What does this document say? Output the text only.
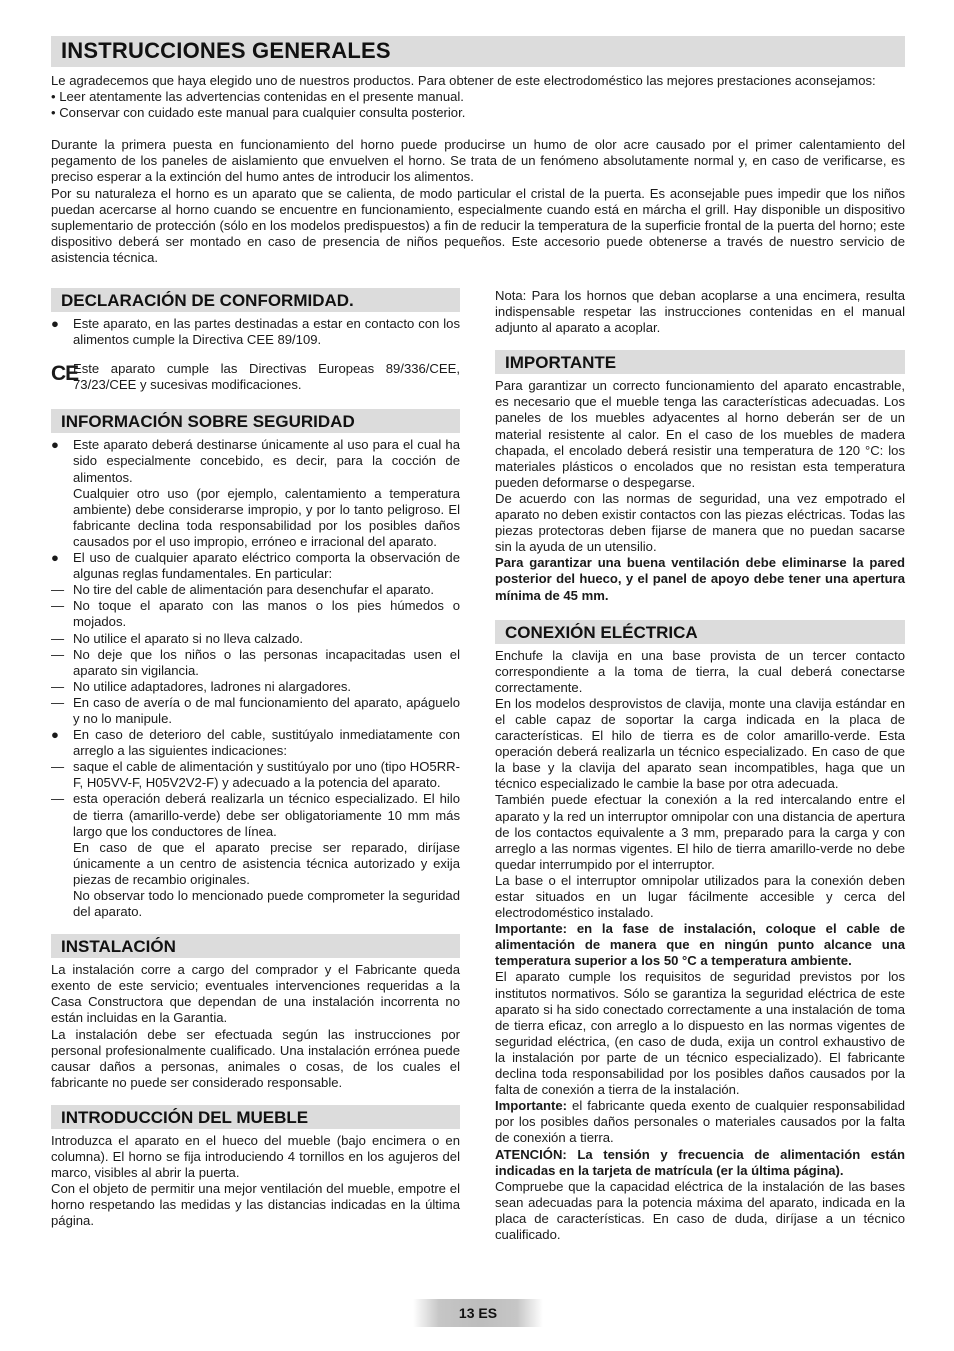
INSTRUCCIONES GENERALES

Le agradecemos que haya elegido uno de nuestros productos. Para obtener de este electrodoméstico las mejores prestaciones aconsejamos:

• Leer atentamente las advertencias contenidas en el presente manual.

• Conservar con cuidado este manual para cualquier consulta posterior.

Durante la primera puesta en funcionamiento del horno puede producirse un humo de olor acre causado por el primer calentamiento del pegamento de los paneles de aislamiento que envuelven el horno. Se trata de un fenómeno absolutamente normal y, en caso de verificarse, es preciso esperar a la extinción del humo antes de introducir los alimentos.

Por su naturaleza el horno es un aparato que se calienta, de modo particular el cristal de la puerta. Es aconsejable pues impedir que los niños puedan acercarse al horno cuando se encuentre en funcionamiento, especialmente cuando está en márcha el grill. Hay disponible un dispositivo suplementario de protección (sólo en los modelos predispuestos) a fin de reducir la temperatura de la superficie frontal de la puerta del horno; este dispositivo deberá ser montado en caso de presencia de niños pequeños. Este accesorio puede obtenerse a través de nuestro servicio de asistencia técnica.

DECLARACIÓN DE CONFORMIDAD.
●	Este aparato, en las partes destinadas a estar en contacto con los alimentos cumple la Directiva CEE 89/109.
CE
Este aparato cumple las Directivas Europeas 89/336/CEE, 73/23/CEE y sucesivas modificaciones.
INFORMACIÓN SOBRE SEGURIDAD
●	Este aparato deberá destinarse únicamente al uso para el cual ha sido especialmente concebido, es decir, para la cocción de alimentos.
Cualquier otro uso (por ejemplo, calentamiento a temperatura ambiente) debe considerarse impropio, y por lo tanto peligroso. El fabricante declina toda responsabilidad por los posibles daños causados por el uso impropio, erróneo e irracional del aparato.
●	El uso de cualquier aparato eléctrico comporta la observación de algunas reglas fundamentales. En particular:
— No tire del cable de alimentación para desenchufar el aparato.
— No toque el aparato con las manos o los pies húmedos o mojados.
— No utilice el aparato si no lleva calzado.
— No deje que los niños o las personas incapacitadas usen el aparato sin vigilancia.
— No utilice adaptadores, ladrones ni alargadores.
— En caso de avería o de mal funcionamiento del aparato, apáguelo y no lo manipule.
●	En caso de deterioro del cable, sustitúyalo inmediatamente con arreglo a las siguientes indicaciones:
— saque el cable de alimentación y sustitúyalo por uno (tipo HO5RR-F, H05VV-F, H05V2V2-F) y adecuado a la potencia del aparato.
— esta operación deberá realizarla un técnico especializado. El hilo de tierra (amarillo-verde) debe ser obligatoriamente 10 mm más largo que los conductores de línea.
En caso de que el aparato precise ser reparado, diríjase únicamente a un centro de asistencia técnica autorizado y exija piezas de recambio originales.
No observar todo lo mencionado puede comprometer la seguridad del aparato.
INSTALACIÓN

La instalación corre a cargo del comprador y el Fabricante queda exento de este servicio; eventuales intervenciones requeridas a la Casa Constructora que dependan de una instalación incorrenta no están incluidas en la Garantia.

La instalación debe ser efectuada según las instrucciones por personal profesionalmente cualificado. Una instalación errónea puede causar daños a personas, animales o cosas, de los cuales el fabricante no puede ser considerado responsable.

INTRODUCCIÓN DEL MUEBLE

Introduzca el aparato en el hueco del mueble (bajo encimera o en columna). El horno se fija introduciendo 4 tornillos en los agujeros del marco, visibles al abrir la puerta.

Con el objeto de permitir una mejor ventilación del mueble, empotre el horno respetando las medidas y las distancias indicadas en la última página.

Nota: Para los hornos que deban acoplarse a una encimera, resulta indispensable respetar las instrucciones contenidas en el manual adjunto al aparato a acoplar.
IMPORTANTE

Para garantizar un correcto funcionamiento del aparato encastrable, es necesario que el mueble tenga las características adecuadas. Los paneles de los muebles adyacentes al horno deberán ser de un material resistente al calor. En el caso de los muebles de madera chapada, el encolado deberá resistir una temperatura de 120 °C: los materiales plásticos o encolados que no resistan esta temperatura pueden deformarse o despegarse.

De acuerdo con las normas de seguridad, una vez empotrado el aparato no deben existir contactos con las piezas eléctricas. Todas las piezas protectoras deben fijarse de manera que no puedan sacarse sin la ayuda de un utensilio.

Para garantizar una buena ventilación debe eliminarse la pared posterior del hueco, y el panel de apoyo debe tener una apertura mínima de 45 mm.

CONEXIÓN ELÉCTRICA

Enchufe la clavija en una base provista de un tercer contacto correspondiente a la toma de tierra, la cual deberá conectarse correctamente.

En los modelos desprovistos de clavija, monte una clavija estándar en el cable capaz de soportar la carga indicada en la placa de características. El hilo de tierra es de color amarillo-verde. Esta operación deberá realizarla un técnico especializado. En caso de que la base y la clavija del aparato sean incompatibles, haga que un técnico especializado le cambie la base por otra adecuada.

También puede efectuar la conexión a la red intercalando entre el aparato y la red un interruptor omnipolar con una distancia de apertura de los contactos equivalente a 3 mm, preparado para la carga y con arreglo a las normas vigentes. El hilo de tierra amarillo-verde no debe quedar interrumpido por el interruptor.

La base o el interruptor omnipolar utilizados para la conexión deben estar situados en un lugar fácilmente accesible y cerca del electrodoméstico instalado.

Importante: en la fase de instalación, coloque el cable de alimentación de manera que en ningún punto alcance una temperatura superior a los 50 °C a temperatura ambiente.

El aparato cumple los requisitos de seguridad previstos por los institutos normativos. Sólo se garantiza la seguridad eléctrica de este aparato si ha sido conectado correctamente a una instalación de toma de tierra eficaz, con arreglo a lo dispuesto en las normas vigentes de seguridad eléctrica, (en caso de duda, exija un control exhaustivo de la instalación por parte de un técnico especializado). El fabricante declina toda responsabilidad por los posibles daños causados por la falta de conexión a tierra de la instalación.

Importante: el fabricante queda exento de cualquier responsabilidad por los posibles daños personales o materiales causados por la falta de conexión a tierra.

ATENCIÓN: La tensión y frecuencia de alimentación están indicadas en la tarjeta de matrícula (er la última página).

Compruebe que la capacidad eléctrica de la instalación de las bases sean adecuadas para la potencia máxima del aparato, indicada en la placa de características. En caso de duda, diríjase a un técnico cualificado.

13 ES
